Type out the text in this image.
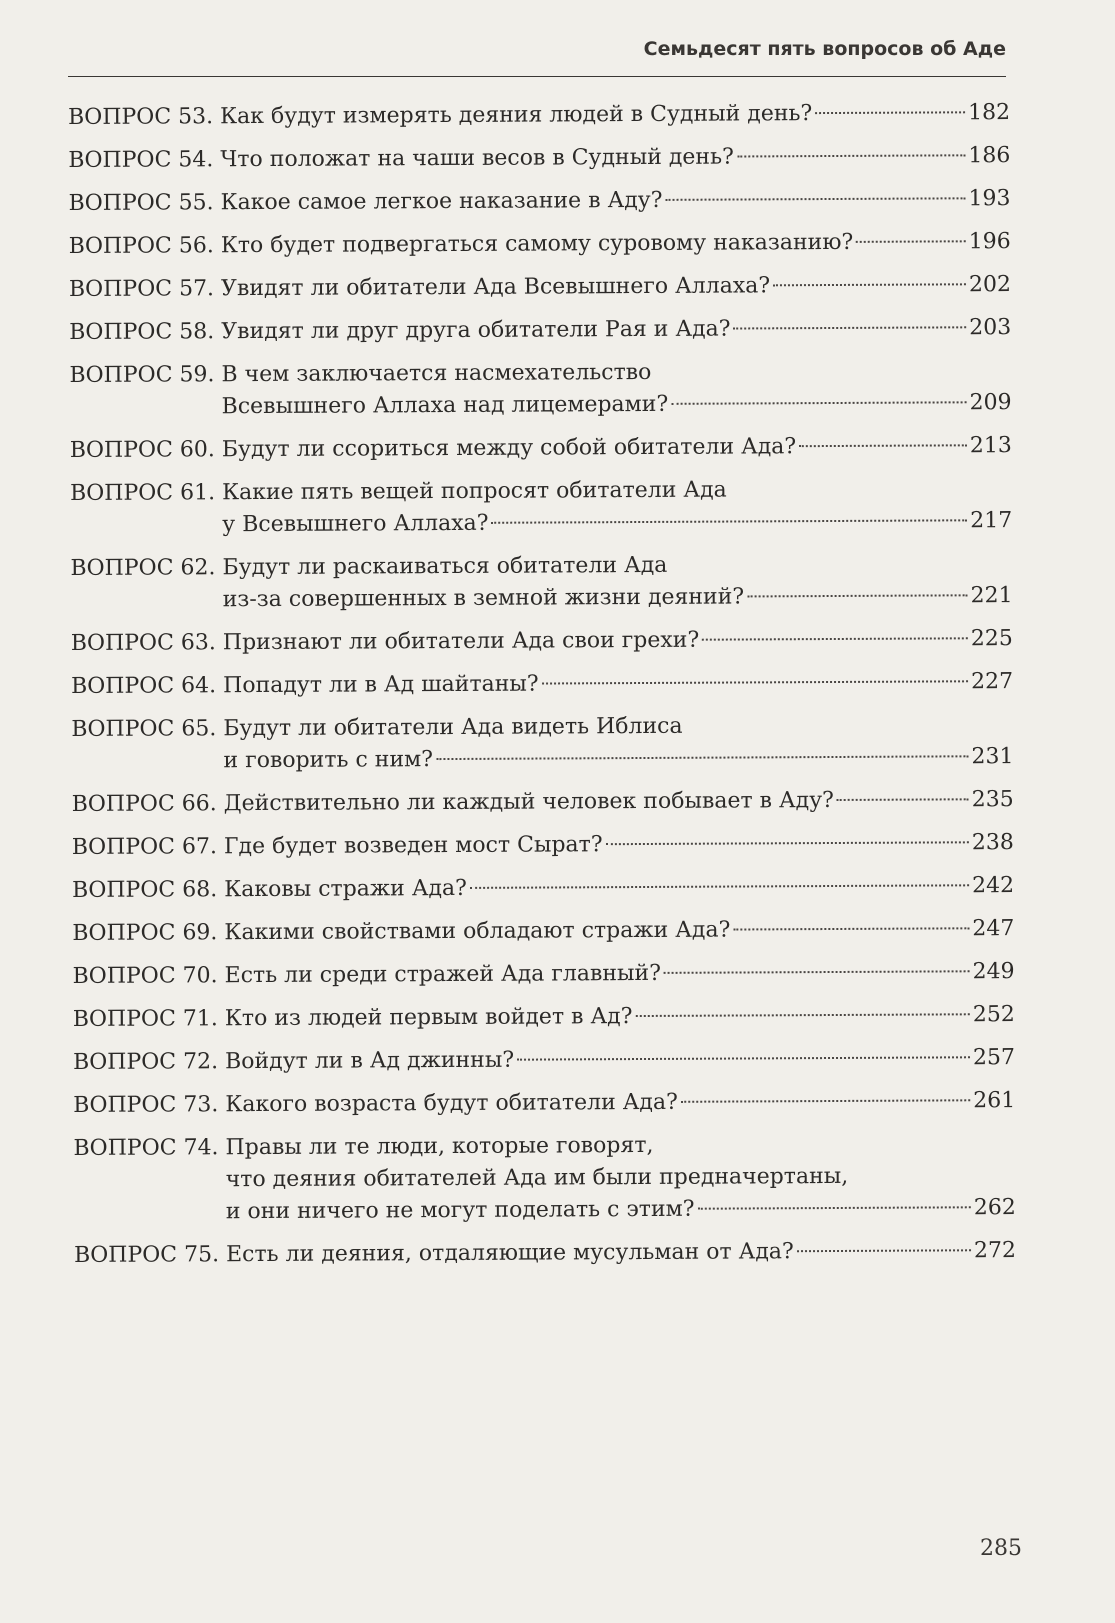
Семьдесят пять вопросов об Аде
ВОПРОС 53. Как будут измерять деяния людей в Судный день?	182
ВОПРОС 54. Что положат на чаши весов в Судный день?	186
ВОПРОС 55. Какое самое легкое наказание в Аду?	193
ВОПРОС 56. Кто будет подвергаться самому суровому наказанию?	196
ВОПРОС 57. Увидят ли обитатели Ада Всевышнего Аллаха?	202
ВОПРОС 58. Увидят ли друг друга обитатели Рая и Ада?	203
ВОПРОС 59. В чем заключается насмехательство
Всевышнего Аллаха над лицемерами?	209
ВОПРОС 60. Будут ли ссориться между собой обитатели Ада?	213
ВОПРОС 61. Какие пять вещей попросят обитатели Ада
у Всевышнего Аллаха?	217
ВОПРОС 62. Будут ли раскаиваться обитатели Ада
из-за совершенных в земной жизни деяний?	221
ВОПРОС 63. Признают ли обитатели Ада свои грехи?	225
ВОПРОС 64. Попадут ли в Ад шайтаны?	227
ВОПРОС 65. Будут ли обитатели Ада видеть Иблиса
и говорить с ним?	231
ВОПРОС 66. Действительно ли каждый человек побывает в Аду?	235
ВОПРОС 67. Где будет возведен мост Сырат?	238
ВОПРОС 68. Каковы стражи Ада?	242
ВОПРОС 69. Какими свойствами обладают стражи Ада?	247
ВОПРОС 70. Есть ли среди стражей Ада главный?	249
ВОПРОС 71. Кто из людей первым войдет в Ад?	252
ВОПРОС 72. Войдут ли в Ад джинны?	257
ВОПРОС 73. Какого возраста будут обитатели Ада?	261
ВОПРОС 74. Правы ли те люди, которые говорят,
что деяния обитателей Ада им были предначертаны,
и они ничего не могут поделать с этим?	262
ВОПРОС 75. Есть ли деяния, отдаляющие мусульман от Ада?	272
285
